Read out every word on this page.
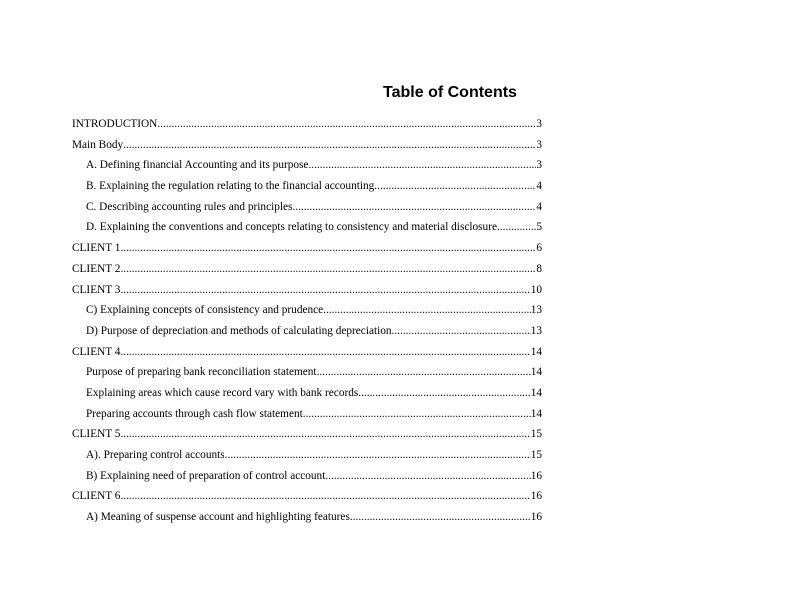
Table of Contents
INTRODUCTION .....	3
Main Body .....	3
A. Defining financial Accounting and its purpose .....	3
B. Explaining the regulation relating to the financial accounting .....	4
C. Describing accounting rules and principles .....	4
D. Explaining the conventions and concepts relating to consistency and material disclosure .....	5
CLIENT 1 .....	6
CLIENT 2 .....	8
CLIENT 3 .....	10
C) Explaining concepts of consistency and prudence .....	13
D) Purpose of depreciation and methods of calculating depreciation .....	13
CLIENT 4 .....	14
Purpose of preparing bank reconciliation statement .....	14
Explaining areas which cause record vary with bank records .....	14
Preparing accounts through cash flow statement .....	14
CLIENT 5 .....	15
A). Preparing control accounts .....	15
B) Explaining need of preparation of control account .....	16
CLIENT 6 .....	16
A) Meaning of suspense account and highlighting features .....	16
